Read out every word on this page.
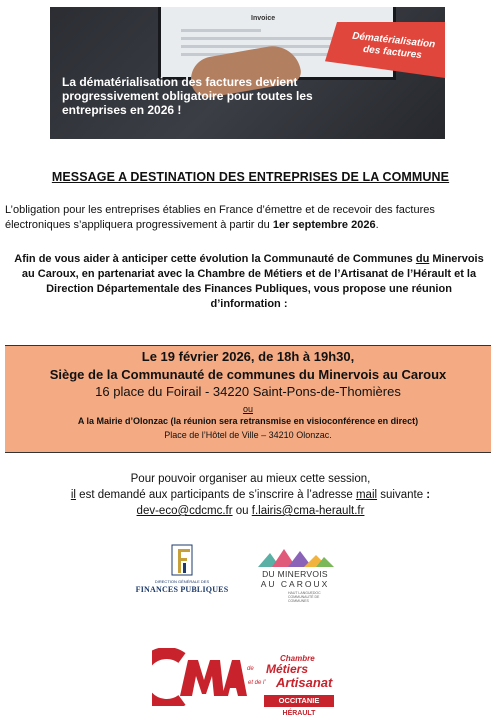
Invoice
Dématérialisation des factures
La dématérialisation des factures devient progressivement obligatoire pour toutes les entreprises en 2026 !
MESSAGE A DESTINATION DES ENTREPRISES DE LA COMMUNE
L’obligation pour les entreprises établies en France d’émettre et de recevoir des factures électroniques s’appliquera progressivement à partir du 1er septembre 2026.
Afin de vous aider à anticiper cette évolution la Communauté de Communes du Minervois au Caroux, en partenariat avec la Chambre de Métiers et de l’Artisanat de l’Hérault et la Direction Départementale des Finances Publiques, vous propose une réunion d’information :
Le 19 février 2026, de 18h à 19h30,
Siège de la Communauté de communes du Minervois au Caroux
16 place du Foirail - 34220 Saint-Pons-de-Thomières
ou
A la Mairie d’Olonzac (la réunion sera retransmise en visioconférence en direct)
Place de l’Hôtel de Ville – 34210 Olonzac.
Pour pouvoir organiser au mieux cette session,
il est demandé aux participants de s’inscrire à l’adresse mail suivante :
dev-eco@cdcmc.fr ou f.lairis@cma-herault.fr
DIRECTION GÉNÉRALE DES
FINANCES PUBLIQUES
DU MINERVOIS
AU CAROUX
HAUT LANGUEDOC COMMUNAUTÉ DE COMMUNES
Chambre
de Métiers
et de l’ Artisanat
OCCITANIE
HÉRAULT
